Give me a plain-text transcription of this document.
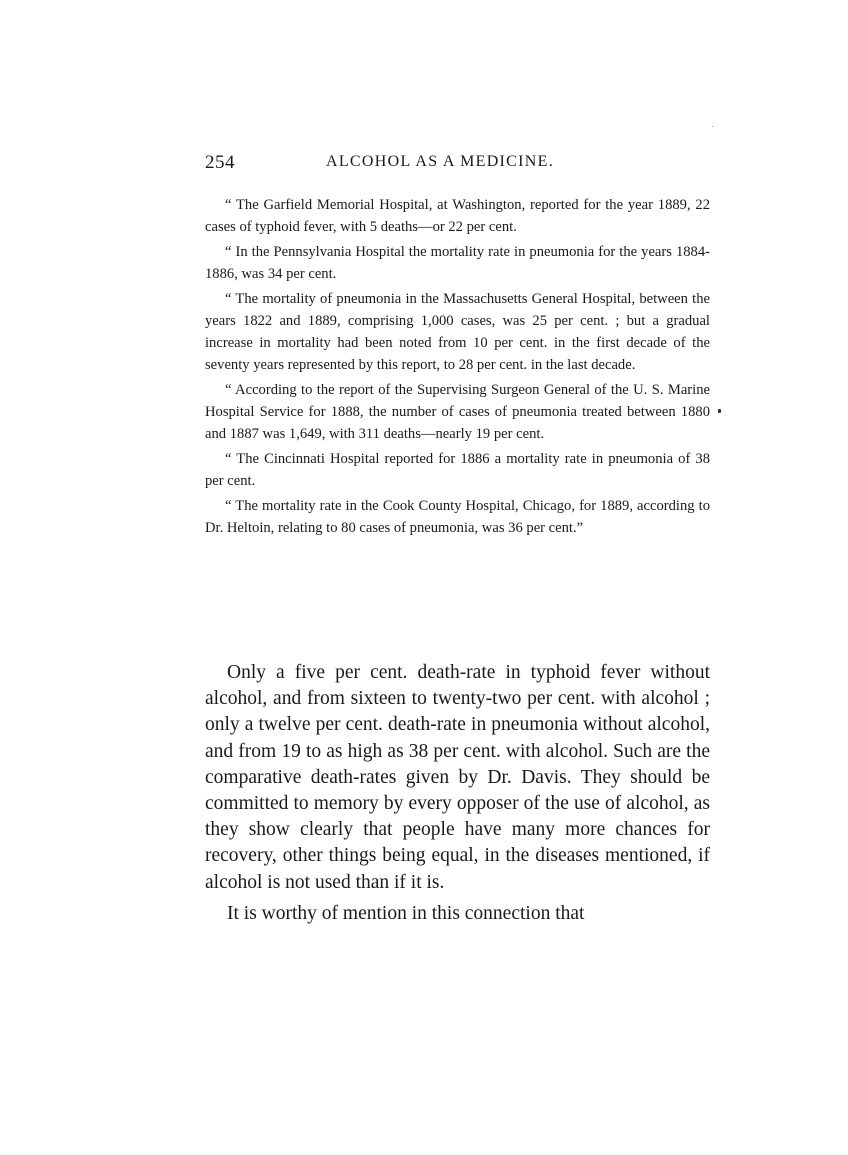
254	ALCOHOL AS A MEDICINE.

“ The Garfield Memorial Hospital, at Washington, reported for the year 1889, 22 cases of typhoid fever, with 5 deaths—or 22 per cent.

“ In the Pennsylvania Hospital the mortality rate in pneumonia for the years 1884-1886, was 34 per cent.

“ The mortality of pneumonia in the Massachusetts General Hospital, between the years 1822 and 1889, comprising 1,000 cases, was 25 per cent. ; but a gradual increase in mortality had been noted from 10 per cent. in the first decade of the seventy years represented by this report, to 28 per cent. in the last decade.

“ According to the report of the Supervising Surgeon General of the U. S. Marine Hospital Service for 1888, the number of cases of pneumonia treated between 1880 and 1887 was 1,649, with 311 deaths—nearly 19 per cent.

“ The Cincinnati Hospital reported for 1886 a mortality rate in pneumonia of 38 per cent.

“ The mortality rate in the Cook County Hospital, Chicago, for 1889, according to Dr. Heltoin, relating to 80 cases of pneumonia, was 36 per cent.”

Only a five per cent. death-rate in typhoid fever without alcohol, and from sixteen to twenty-two per cent. with alcohol ; only a twelve per cent. death-rate in pneumonia without alcohol, and from 19 to as high as 38 per cent. with alcohol. Such are the comparative death-rates given by Dr. Davis. They should be committed to memory by every opposer of the use of alcohol, as they show clearly that people have many more chances for recovery, other things being equal, in the diseases mentioned, if alcohol is not used than if it is.

It is worthy of mention in this connection that
